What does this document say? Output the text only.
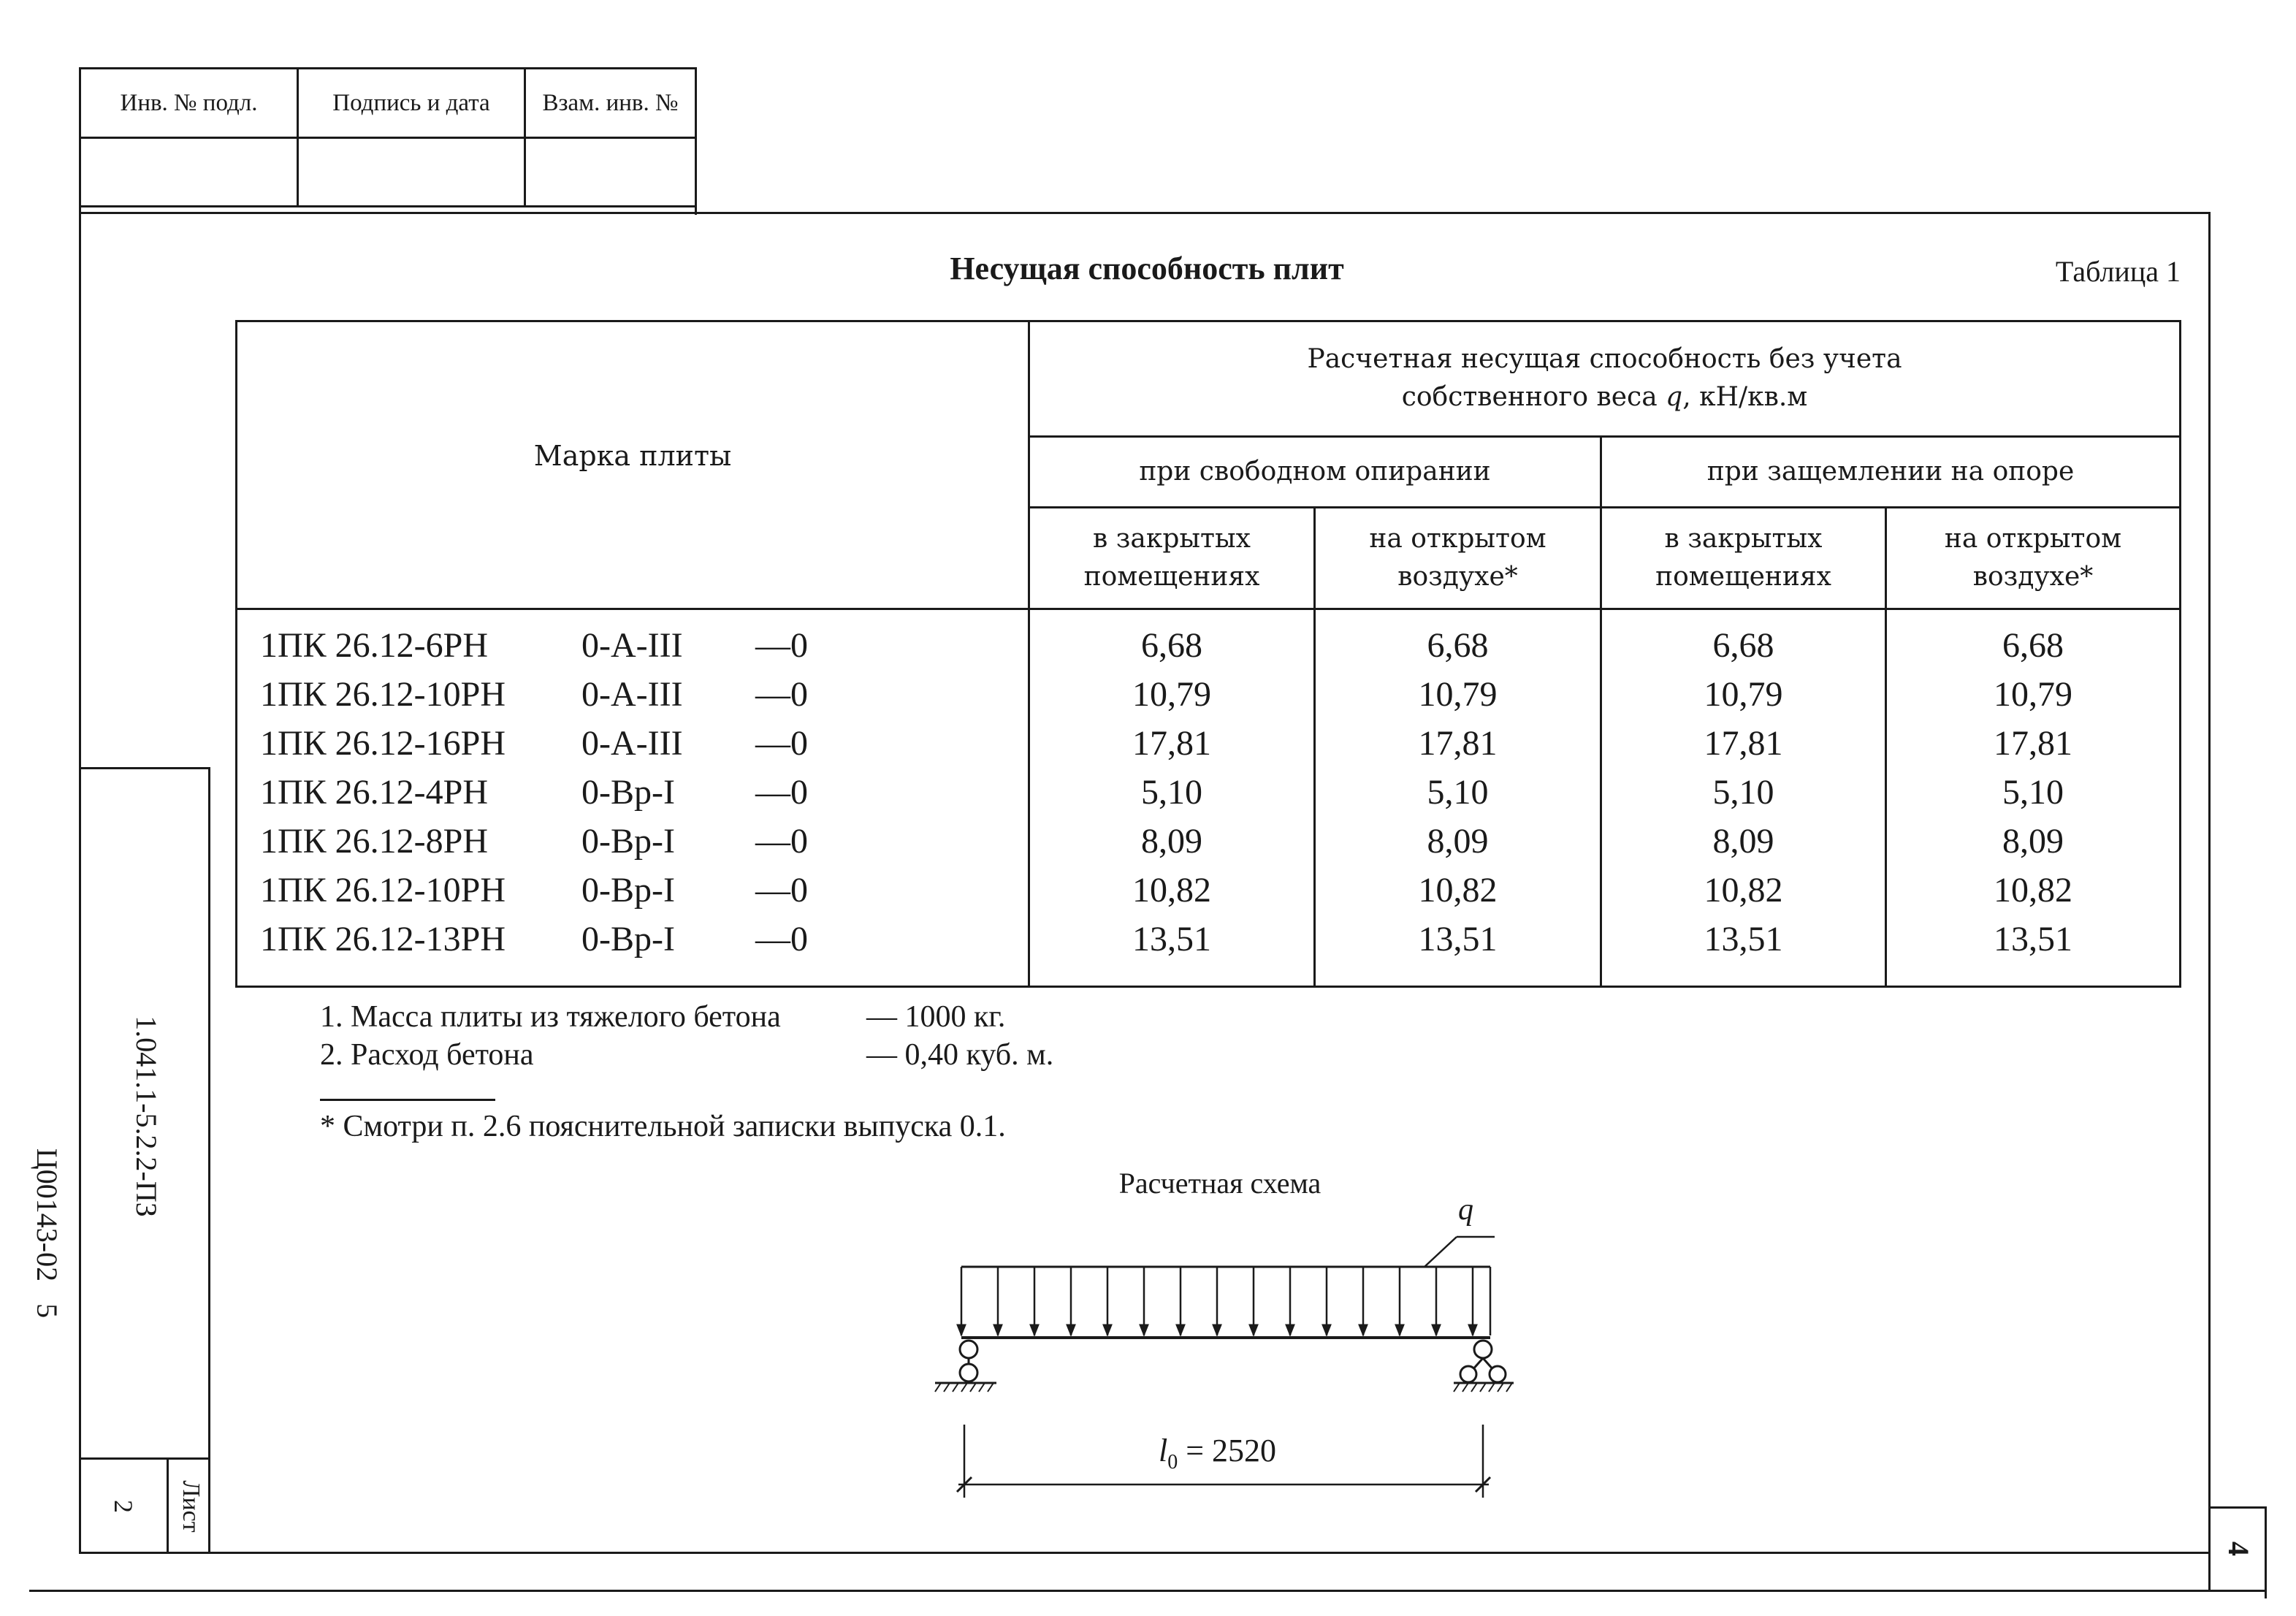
Инв. № подл.	Подпись и дата	Взам. инв. №
4
1.041.1-5.2.2-ПЗ
Ц00143-02   5
Лист
2
Несущая способность плит	Таблица 1
Марка плиты
Расчетная несущая способность без учета
собственного веса q, кН/кв.м
при свободном опирании	при защемлении на опоре
в закрытых
помещениях
на открытом
воздухе*
в закрытых
помещениях
на открытом
воздухе*
1ПК 26.12-6РН	0-А-III —0	6,68	6,68	6,68	6,68
1ПК 26.12-10РН 0-А-III —0	10,79	10,79	10,79	10,79
1ПК 26.12-16РН 0-А-III —0	17,81	17,81	17,81	17,81
1ПК 26.12-4РН	0-Вр-I —0	5,10	5,10	5,10	5,10
1ПК 26.12-8РН	0-Вр-I —0	8,09	8,09	8,09	8,09
1ПК 26.12-10РН 0-Вр-I —0	10,82	10,82	10,82	10,82
1ПК 26.12-13РН 0-Вр-I —0	13,51	13,51	13,51	13,51
1. Масса плиты из тяжелого бетона	— 1000 кг.
2. Расход бетона	— 0,40 куб. м.
* Смотри п. 2.6 пояснительной записки выпуска 0.1.
Расчетная схема
q
$l_0 = 2520$
